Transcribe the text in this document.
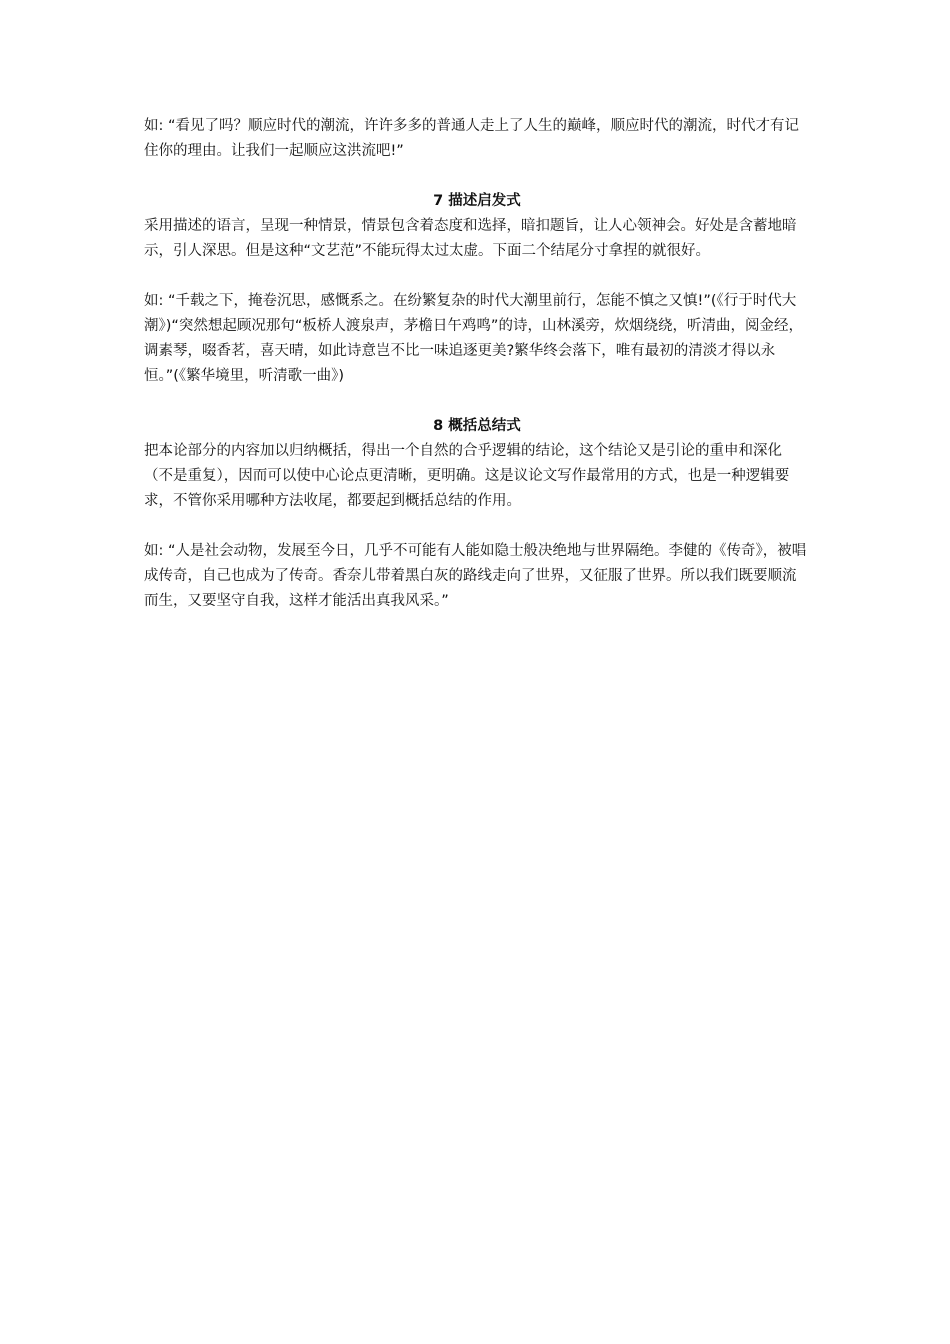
如: “看见了吗？顺应时代的潮流，许许多多的普通人走上了人生的巅峰，顺应时代的潮流，时代才有记住你的理由。让我们一起顺应这洪流吧!”

7 描述启发式

采用描述的语言，呈现一种情景，情景包含着态度和选择，暗扣题旨，让人心领神会。好处是含蓄地暗示，引人深思。但是这种“文艺范”不能玩得太过太虚。下面二个结尾分寸拿捏的就很好。

如: “千载之下，掩卷沉思，感慨系之。在纷繁复杂的时代大潮里前行，怎能不慎之又慎!”(《行于时代大潮》)“突然想起顾况那句“板桥人渡泉声，茅檐日午鸡鸣”的诗，山林溪旁，炊烟绕绕，听清曲，阅金经，调素琴，啜香茗，喜天晴，如此诗意岂不比一味追逐更美?繁华终会落下，唯有最初的清淡才得以永恒。”(《繁华境里，听清歌一曲》)

8 概括总结式

把本论部分的内容加以归纳概括，得出一个自然的合乎逻辑的结论，这个结论又是引论的重申和深化（不是重复），因而可以使中心论点更清晰，更明确。这是议论文写作最常用的方式，也是一种逻辑要求，不管你采用哪种方法收尾，都要起到概括总结的作用。

如: “人是社会动物，发展至今日，几乎不可能有人能如隐士般决绝地与世界隔绝。李健的《传奇》，被唱成传奇，自己也成为了传奇。香奈儿带着黑白灰的路线走向了世界，又征服了世界。所以我们既要顺流而生，又要坚守自我，这样才能活出真我风采。”
